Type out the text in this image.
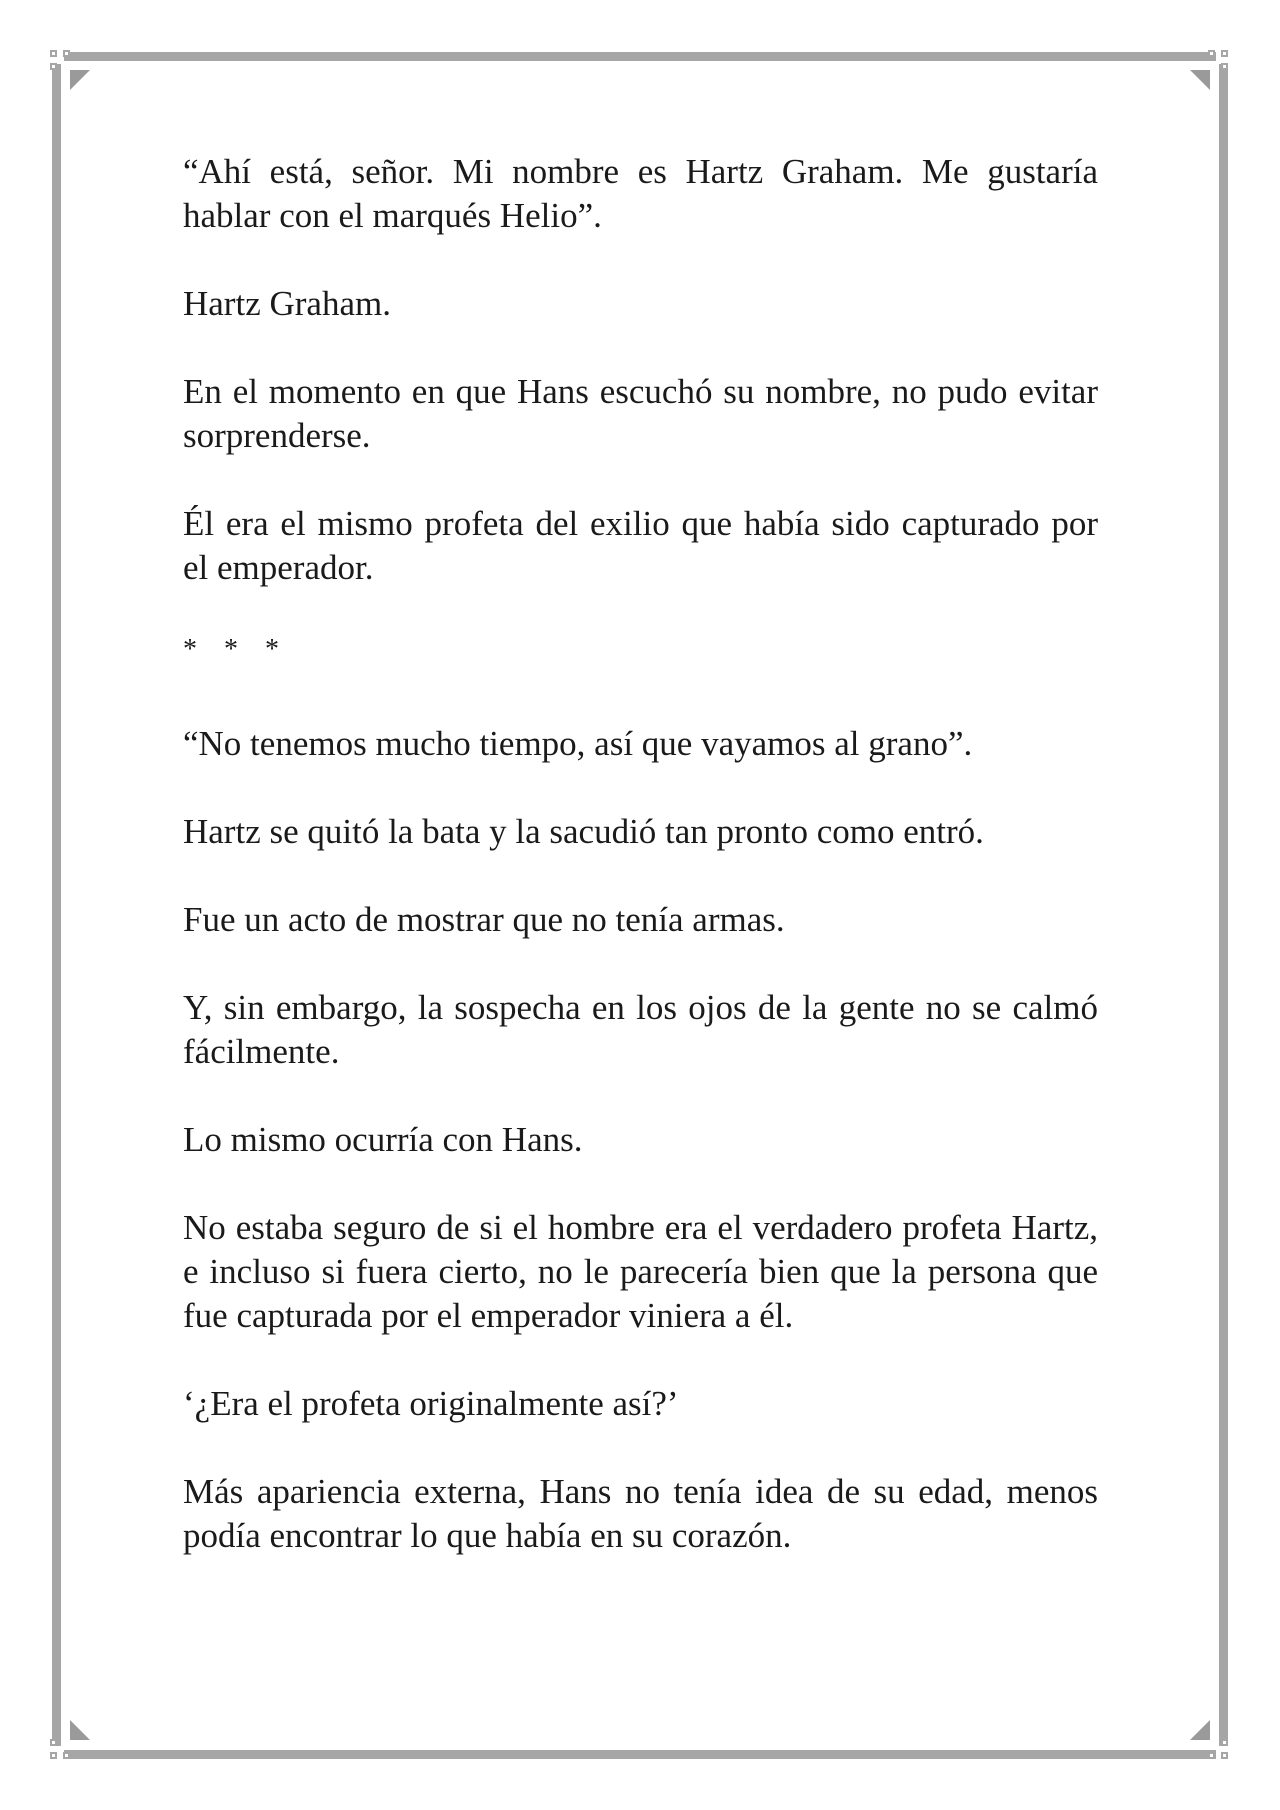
“Ahí está, señor. Mi nombre es Hartz Graham. Me gustaría hablar con el marqués Helio”.

Hartz Graham.

En el momento en que Hans escuchó su nombre, no pudo evitar sorprenderse.

Él era el mismo profeta del exilio que había sido capturado por el emperador.

* * *

“No tenemos mucho tiempo, así que vayamos al grano”.

Hartz se quitó la bata y la sacudió tan pronto como entró.

Fue un acto de mostrar que no tenía armas.

Y, sin embargo, la sospecha en los ojos de la gente no se calmó fácilmente.

Lo mismo ocurría con Hans.

No estaba seguro de si el hombre era el verdadero profeta Hartz, e incluso si fuera cierto, no le parecería bien que la persona que fue capturada por el emperador viniera a él.

‘¿Era el profeta originalmente así?’

Más apariencia externa, Hans no tenía idea de su edad, menos podía encontrar lo que había en su corazón.
